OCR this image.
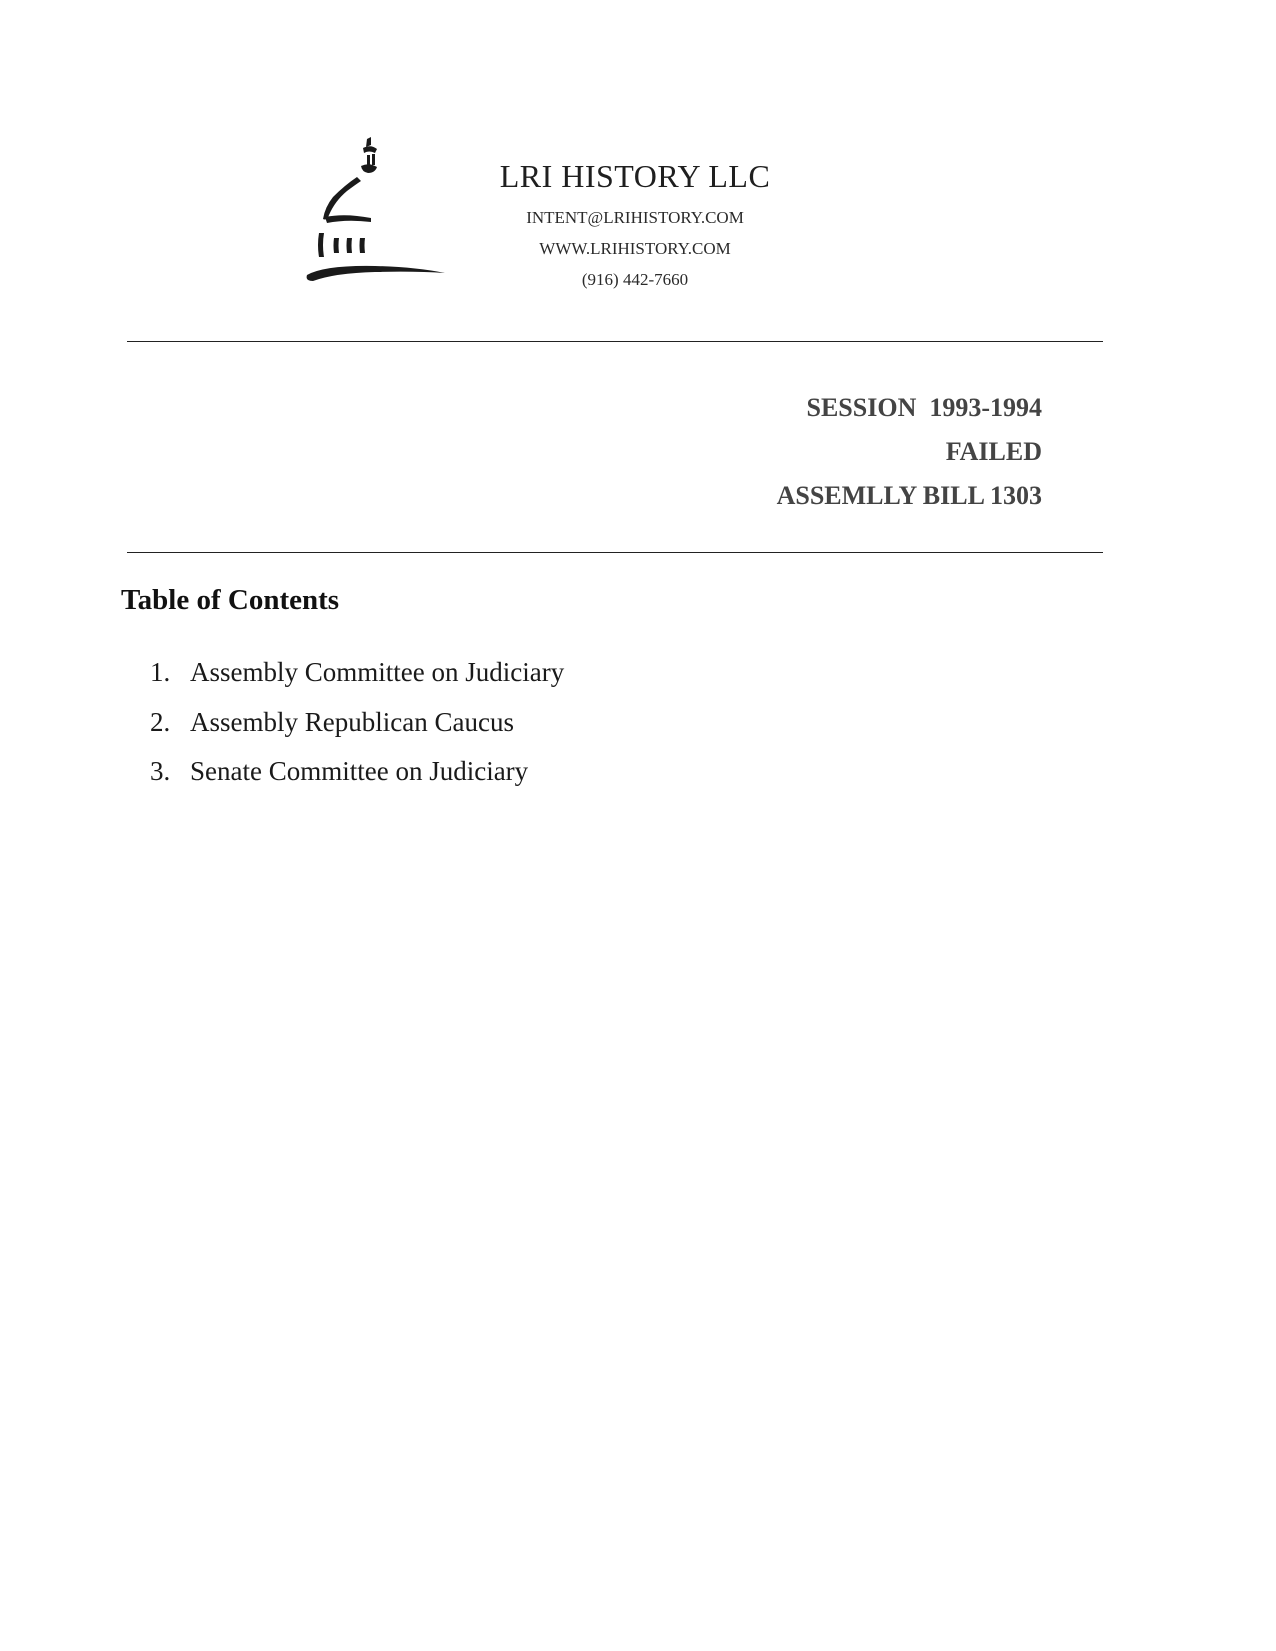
LRI HISTORY LLC

INTENT@LRIHISTORY.COM

WWW.LRIHISTORY.COM

(916) 442-7660

SESSION  1993-1994
FAILED
ASSEMLLY BILL 1303
Table of Contents
1. Assembly Committee on Judiciary
2. Assembly Republican Caucus
3. Senate Committee on Judiciary
